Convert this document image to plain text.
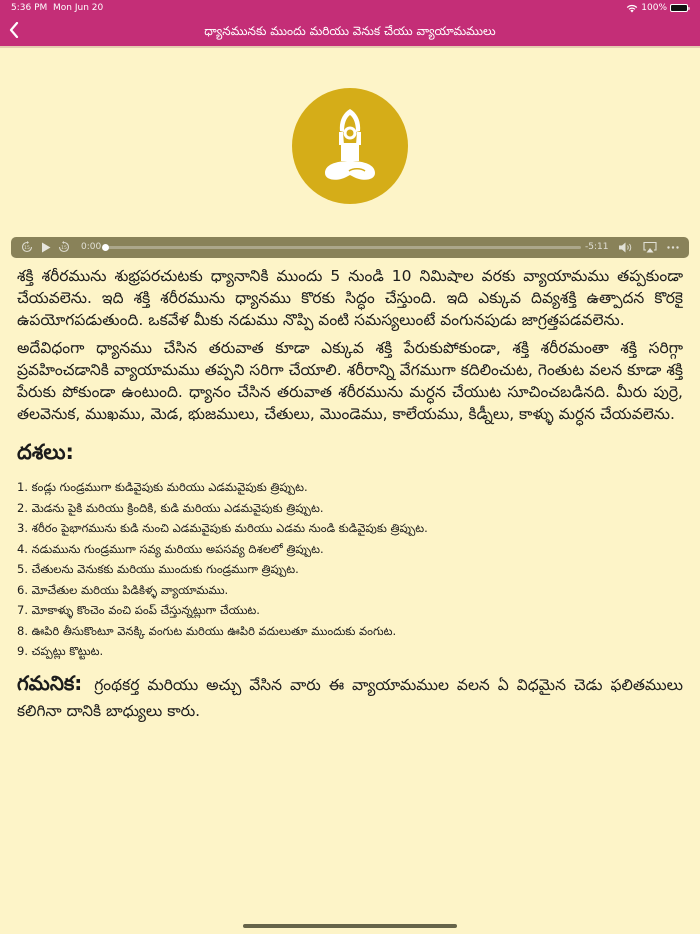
5:36 PM Mon Jun 20	100%
ధ్యానమునకు ముందు మరియు వెనుక చేయు వ్యాయామములు
15	15 0:00	-5:11

శక్తి శరీరమును శుభ్రపరచుటకు ధ్యానానికి ముందు 5 నుండి 10 నిమిషాల వరకు వ్యాయామము తప్పకుండా చేయవలెను. ఇది శక్తి శరీరమును ధ్యానము కొరకు సిద్ధం చేస్తుంది. ఇది ఎక్కువ దివ్యశక్తి ఉత్పాదన కొరకై ఉపయోగపడుతుంది. ఒకవేళ మీకు నడుము నొప్పి వంటి సమస్యలుంటే వంగునపుడు జాగ్రత్తపడవలెను.

అదేవిధంగా ధ్యానము చేసిన తరువాత కూడా ఎక్కువ శక్తి పేరుకుపోకుండా, శక్తి శరీరమంతా శక్తి సరిగ్గా ప్రవహించడానికి వ్యాయామము తప్పని సరిగా చేయాలి. శరీరాన్ని వేగముగా కదిలించుట, గెంతుట వలన కూడా శక్తి పేరుకు పోకుండా ఉంటుంది. ధ్యానం చేసిన తరువాత శరీరమును మర్ధన చేయుట సూచించబడినది. మీరు పుర్రె, తలవెనుక, ముఖము, మెడ, భుజములు, చేతులు, మొండెము, కాలేయము, కిడ్నీలు, కాళ్ళు మర్ధన చేయవలెను.

దశలు:
1. కండ్లు గుండ్రముగా కుడివైపుకు మరియు ఎడమవైపుకు త్రిప్పుట.
2. మెడను పైకి మరియు క్రిందికి, కుడి మరియు ఎడమవైపుకు త్రిప్పుట.
3. శరీరం పైభాగమును కుడి నుంచి ఎడమవైపుకు మరియు ఎడమ నుండి కుడివైపుకు త్రిప్పుట.
4. నడుమును గుండ్రముగా సవ్య మరియు అపసవ్య దిశలలో త్రిప్పుట.
5. చేతులను వెనుకకు మరియు ముందుకు గుండ్రముగా త్రిప్పుట.
6. మోచేతుల మరియు పిడికిళ్ళ వ్యాయామము.
7. మోకాళ్ళు కొంచెం వంచి పంప్ చేస్తున్నట్లుగా చేయుట.
8. ఊపిరి తీసుకొంటూ వెనక్కి వంగుట మరియు ఊపిరి వదులుతూ ముందుకు వంగుట.
9. చప్పట్లు కొట్టుట.

గమనిక: గ్రంథకర్త మరియు అచ్చు వేసిన వారు ఈ వ్యాయామముల వలన ఏ విధమైన చెడు ఫలితములు కలిగినా దానికి బాధ్యులు కారు.
